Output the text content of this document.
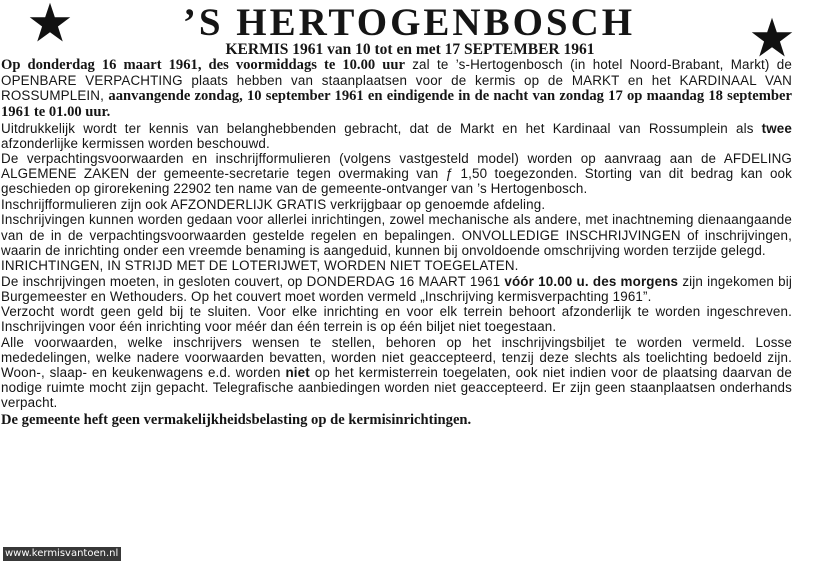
’S HERTOGENBOSCH
KERMIS 1961 van 10 tot en met 17 SEPTEMBER 1961

Op donderdag 16 maart 1961, des voormiddags te 10.00 uur zal te ’s-Hertogenbosch (in hotel Noord-Brabant, Markt) de OPENBARE VERPACHTING plaats hebben van staanplaatsen voor de kermis op de MARKT en het KARDINAAL VAN ROSSUMPLEIN, aanvangende zondag, 10 september 1961 en eindigende in de nacht van zondag 17 op maandag 18 september 1961 te 01.00 uur.

Uitdrukkelijk wordt ter kennis van belanghebbenden gebracht, dat de Markt en het Kardinaal van Rossumplein als twee afzonderlijke kermissen worden beschouwd.

De verpachtingsvoorwaarden en inschrijfformulieren (volgens vastgesteld model) worden op aanvraag aan de AFDELING ALGEMENE ZAKEN der gemeente-secretarie tegen overmaking van ƒ 1,50 toegezonden. Storting van dit bedrag kan ook geschieden op girorekening 22902 ten name van de gemeente-ontvanger van ’s Hertogenbosch.

Inschrijfformulieren zijn ook AFZONDERLIJK GRATIS verkrijgbaar op genoemde afdeling.

Inschrijvingen kunnen worden gedaan voor allerlei inrichtingen, zowel mechanische als andere, met inachtneming dienaangaande van de in de verpachtingsvoorwaarden gestelde regelen en bepalingen. ONVOLLEDIGE INSCHRIJVINGEN of inschrijvingen, waarin de inrichting onder een vreemde benaming is aangeduid, kunnen bij onvoldoende omschrijving worden terzijde gelegd.

INRICHTINGEN, IN STRIJD MET DE LOTERIJWET, WORDEN NIET TOEGELATEN.

De inschrijvingen moeten, in gesloten couvert, op DONDERDAG 16 MAART 1961 vóór 10.00 u. des morgens zijn ingekomen bij Burgemeester en Wethouders. Op het couvert moet worden vermeld „Inschrijving kermisverpachting 1961”.

Verzocht wordt geen geld bij te sluiten. Voor elke inrichting en voor elk terrein behoort afzonderlijk te worden ingeschreven. Inschrijvingen voor één inrichting voor méér dan één terrein is op één biljet niet toegestaan.

Alle voorwaarden, welke inschrijvers wensen te stellen, behoren op het inschrijvingsbiljet te worden vermeld. Losse mededelingen, welke nadere voorwaarden bevatten, worden niet geaccepteerd, tenzij deze slechts als toelichting bedoeld zijn. Woon-, slaap- en keukenwagens e.d. worden niet op het kermisterrein toegelaten, ook niet indien voor de plaatsing daarvan de nodige ruimte mocht zijn gepacht. Telegrafische aanbiedingen worden niet geaccepteerd. Er zijn geen staanplaatsen onderhands verpacht.

De gemeente heft geen vermakelijkheidsbelasting op de kermisinrichtingen.

www.kermisvantoen.nl
